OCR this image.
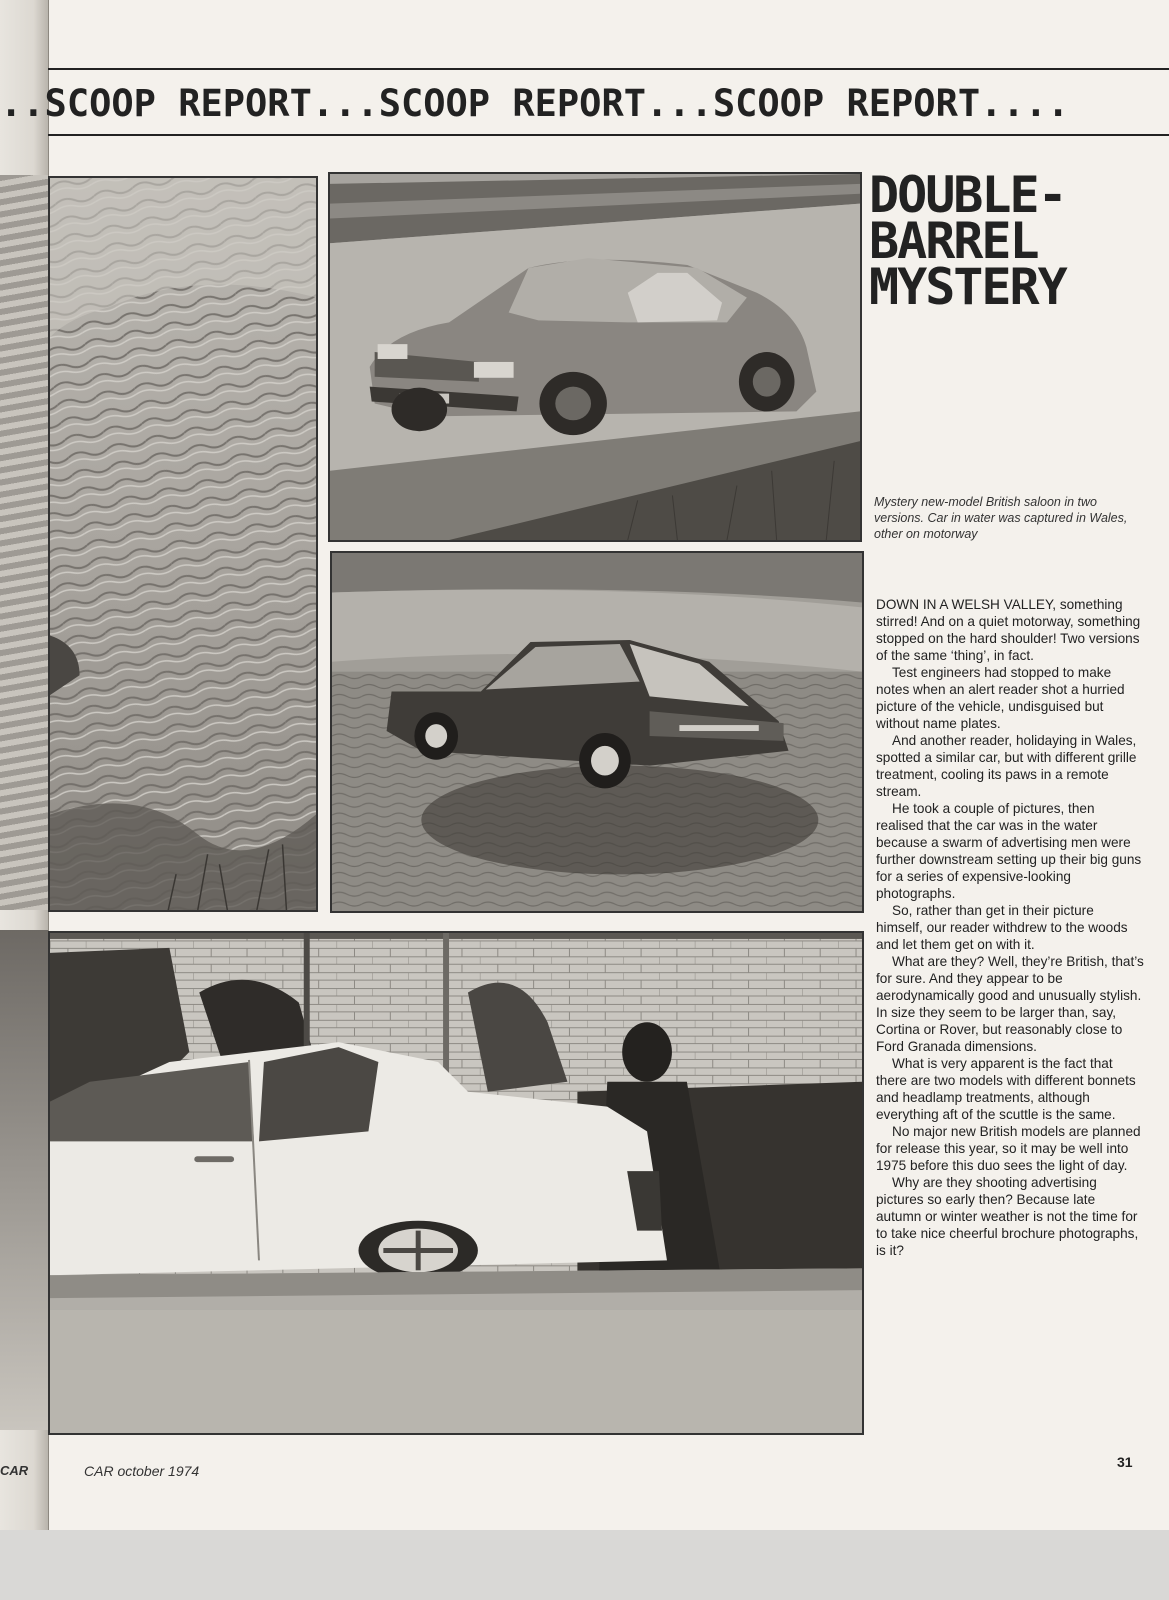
CAR
..SCOOP REPORT...SCOOP REPORT...SCOOP REPORT....
DOUBLE-
BARREL
MYSTERY
Mystery new-model British saloon in two versions. Car in water was captured in Wales, other on motorway

DOWN IN A WELSH VALLEY, something stirred! And on a quiet motorway, something stopped on the hard shoulder! Two versions of the same ‘thing’, in fact.

Test engineers had stopped to make notes when an alert reader shot a hurried picture of the vehicle, undisguised but without name plates.

And another reader, holidaying in Wales, spotted a similar car, but with different grille treatment, cooling its paws in a remote stream.

He took a couple of pictures, then realised that the car was in the water because a swarm of advertising men were further downstream setting up their big guns for a series of expensive-looking photographs.

So, rather than get in their picture himself, our reader withdrew to the woods and let them get on with it.

What are they? Well, they’re British, that’s for sure. And they appear to be aerodynamically good and unusually stylish. In size they seem to be larger than, say, Cortina or Rover, but reasonably close to Ford Granada dimensions.

What is very apparent is the fact that there are two models with different bonnets and headlamp treatments, although everything aft of the scuttle is the same.

No major new British models are planned for release this year, so it may be well into 1975 before this duo sees the light of day.

Why are they shooting advertising pictures so early then? Because late autumn or winter weather is not the time for to take nice cheerful brochure photographs, is it?

CAR october 1974
31
